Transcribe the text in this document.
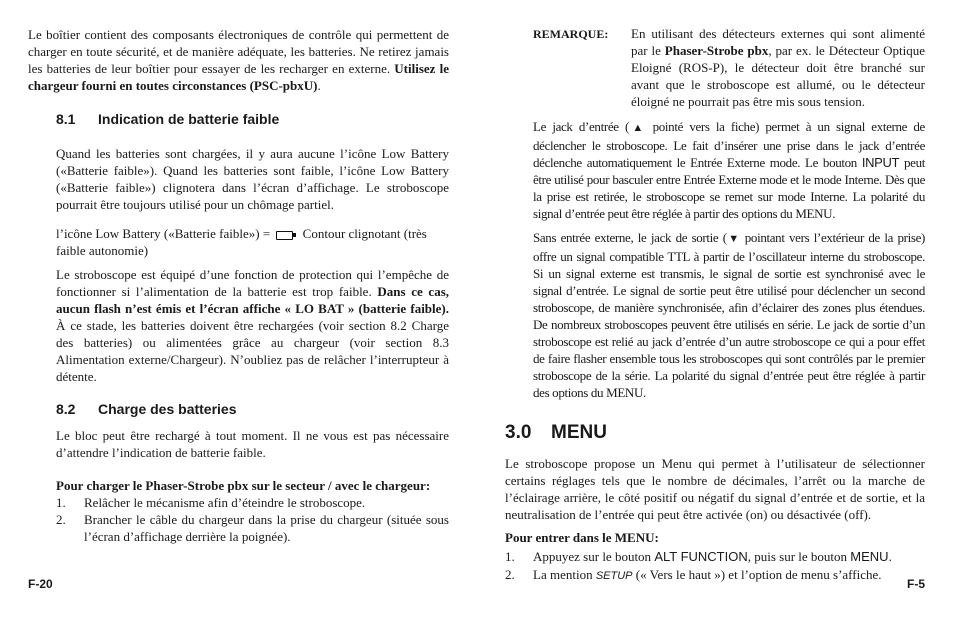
Le boîtier contient des composants électroniques de contrôle qui permettent de charger en toute sécurité, et de manière adéquate, les batteries. Ne retirez jamais les batteries de leur boîtier pour essayer de les recharger en externe. Utilisez le chargeur fourni en toutes circonstances (PSC-pbxU).
8.1 Indication de batterie faible
Quand les batteries sont chargées, il y aura aucune l’icône Low Battery («Batterie faible»). Quand les batteries sont faible, l’icône Low Battery («Batterie faible») clignotera dans l’écran d’affichage. Le stroboscope pourrait être toujours utilisé pour un chômage partiel.
l’icône Low Battery («Batterie faible») =	Contour clignotant (très faible autonomie)
Le stroboscope est équipé d’une fonction de protection qui l’empêche de fonctionner si l’alimentation de la batterie est trop faible. Dans ce cas, aucun flash n’est émis et l’écran affiche « LO BAT » (batterie faible). À ce stade, les batteries doivent être rechargées (voir section 8.2 Charge des batteries) ou alimentées grâce au chargeur (voir section 8.3 Alimentation externe/Chargeur). N’oubliez pas de relâcher l’interrupteur à détente.
8.2 Charge des batteries
Le bloc peut être rechargé à tout moment. Il ne vous est pas nécessaire d’attendre l’indication de batterie faible.
Pour charger le Phaser-Strobe pbx sur le secteur / avec le chargeur:
1.	Relâcher le mécanisme afin d’éteindre le stroboscope.
2.	Brancher le câble du chargeur dans la prise du chargeur (située sous l’écran d’affichage derrière la poignée).
F-20
REMARQUE: En utilisant des détecteurs externes qui sont alimenté par le Phaser-Strobe pbx, par ex. le Détecteur Optique Eloigné (ROS-P), le détecteur doit être branché sur avant que le stroboscope est allumé, ou le détecteur éloigné ne pourrait pas être mis sous tension.
Le jack d’entrée (▲ pointé vers la fiche) permet à un signal externe de déclencher le stroboscope. Le fait d’insérer une prise dans le jack d’entrée déclenche automatiquement le Entrée Externe mode. Le bouton INPUT peut être utilisé pour basculer entre Entrée Externe mode et le mode Interne. Dès que la prise est retirée, le stroboscope se remet sur mode Interne. La polarité du signal d’entrée peut être réglée à partir des options du MENU.
Sans entrée externe, le jack de sortie (▼ pointant vers l’extérieur de la prise) offre un signal compatible TTL à partir de l’oscillateur interne du stroboscope. Si un signal externe est transmis, le signal de sortie est synchronisé avec le signal d’entrée. Le signal de sortie peut être utilisé pour déclencher un second stroboscope, de manière synchronisée, afin d’éclairer des zones plus étendues. De nombreux stroboscopes peuvent être utilisés en série. Le jack de sortie d’un stroboscope est relié au jack d’entrée d’un autre stroboscope ce qui a pour effet de faire flasher ensemble tous les stroboscopes qui sont contrôlés par le premier stroboscope de la série. La polarité du signal d’entrée peut être réglée à partir des options du MENU.
3.0 MENU
Le stroboscope propose un Menu qui permet à l’utilisateur de sélectionner certains réglages tels que le nombre de décimales, l’arrêt ou la marche de l’éclairage arrière, le côté positif ou négatif du signal d’entrée et de sortie, et la neutralisation de l’entrée qui peut être activée (on) ou désactivée (off).
Pour entrer dans le MENU:
1.	Appuyez sur le bouton ALT FUNCTION, puis sur le bouton MENU.
2.	La mention SETUP (« Vers le haut ») et l’option de menu s’affiche.
F-5
